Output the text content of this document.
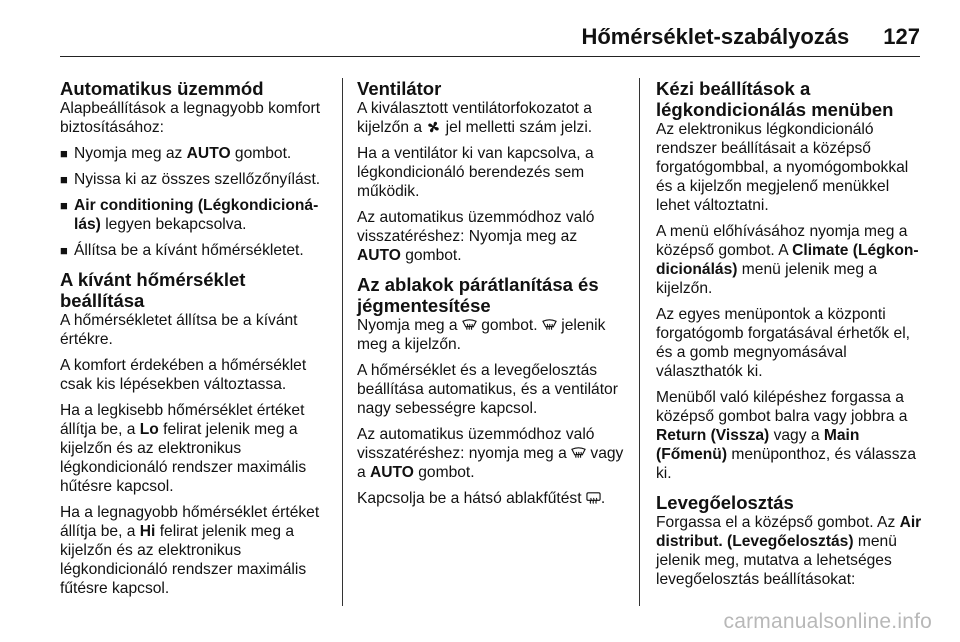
Hőmérséklet-szabályozás 127
Automatikus üzemmód

Alapbeállítások a legnagyobb komfort biztosításához:

■ Nyomja meg az AUTO gombot.
■ Nyissa ki az összes szellőzőnyílást.
■ Air conditioning (Légkondicionálás) legyen bekapcsolva.
■ Állítsa be a kívánt hőmérsékletet.
A kívánt hőmérséklet beállítása

A hőmérsékletet állítsa be a kívánt értékre.

A komfort érdekében a hőmérséklet csak kis lépésekben változtassa.

Ha a legkisebb hőmérséklet értéket állítja be, a Lo felirat jelenik meg a kijelzőn és az elektronikus légkondicionáló rendszer maximális hűtésre kapcsol.

Ha a legnagyobb hőmérséklet értéket állítja be, a Hi felirat jelenik meg a kijelzőn és az elektronikus légkondicionáló rendszer maximális fűtésre kapcsol.

Ventilátor

A kiválasztott ventilátorfokozatot a kijelzőn a  jel melletti szám jelzi.

Ha a ventilátor ki van kapcsolva, a légkondicionáló berendezés sem működik.

Az automatikus üzemmódhoz való visszatéréshez: Nyomja meg az AUTO gombot.

Az ablakok párátlanítása és jégmentesítése

Nyomja meg a  gombot.  jelenik meg a kijelzőn.

A hőmérséklet és a levegőelosztás beállítása automatikus, és a ventilátor nagy sebességre kapcsol.

Az automatikus üzemmódhoz való visszatéréshez: nyomja meg a  vagy a AUTO gombot.

Kapcsolja be a hátsó ablakfűtést .

Kézi beállítások a légkondicionálás menüben

Az elektronikus légkondicionáló rendszer beállításait a középső forgatógombbal, a nyomógombokkal és a kijelzőn megjelenő menükkel lehet változtatni.

A menü előhívásához nyomja meg a középső gombot. A Climate (Légkondicionálás) menü jelenik meg a kijelzőn.

Az egyes menüpontok a központi forgatógomb forgatásával érhetők el, és a gomb megnyomásával választhatók ki.

Menüből való kilépéshez forgassa a középső gombot balra vagy jobbra a Return (Vissza) vagy a Main (Főmenü) menüponthoz, és válassza ki.

Levegőelosztás

Forgassa el a középső gombot. Az Air distribut. (Levegőelosztás) menü jelenik meg, mutatva a lehetséges levegőelosztás beállításokat:

carmanualsonline.info
